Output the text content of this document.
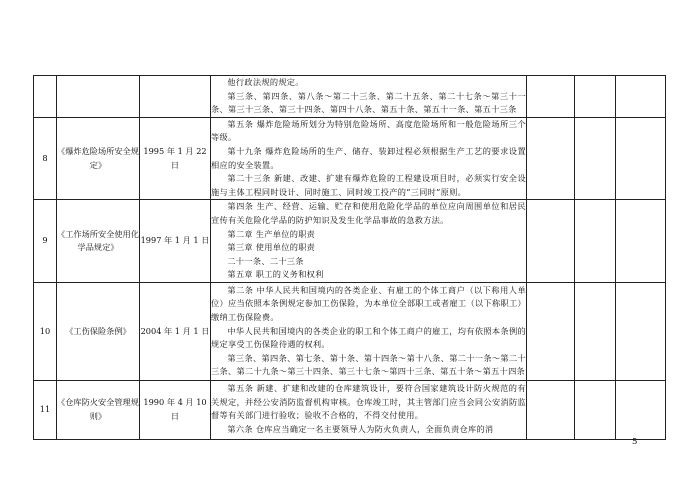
			他行政法规的规定。

第三条、第四条、第八条～第二十三条、第二十五条、第二十七条～第三十一条、第三十三条、第三十四条、第四十八条、第五十条、第五十一条、第五十三条			

8	《爆炸危险场所安全规定》	1995 年 1 月 22 日	第五条 爆炸危险场所划分为特别危险场所、高度危险场所和一般危险场所三个等级。

第十九条 爆炸危险场所的生产、储存、装卸过程必须根据生产工艺的要求设置相应的安全装置。

第二十三条 新建、改建、扩建有爆炸危险的工程建设项目时，必须实行安全设施与主体工程同时设计、同时施工、同时竣工投产的“三同时”原则。			

9	《工作场所安全使用化学品规定》	1997 年 1 月 1 日	第四条 生产、经营、运输、贮存和使用危险化学品的单位应向周围单位和居民宣传有关危险化学品的防护知识及发生化学品事故的急救方法。

第二章 生产单位的职责

第三章 使用单位的职责

二十一条、二十三条

第五章 职工的义务和权利			

10	《工伤保险条例》	2004 年 1 月 1 日	第二条 中华人民共和国境内的各类企业、有雇工的个体工商户（以下称用人单位）应当依照本条例规定参加工伤保险，为本单位全部职工或者雇工（以下称职工）缴纳工伤保险费。

中华人民共和国境内的各类企业的职工和个体工商户的雇工，均有依照本条例的规定享受工伤保险待遇的权利。

第三条、第四条、第七条、第十条、第十四条～第十八条、第二十一条～第二十三条、第二十九条～第三十四条、第三十七条～第四十三条、第五十条～第五十四条			

11	《仓库防火安全管理规则》	1990 年 4 月 10 日	第五条 新建、扩建和改建的仓库建筑设计，要符合国家建筑设计防火规范的有关规定，并经公安消防监督机构审核。仓库竣工时，其主管部门应当会同公安消防监督等有关部门进行验收；验收不合格的，不得交付使用。

第六条 仓库应当确定一名主要领导人为防火负责人，全面负责仓库的消			

5
